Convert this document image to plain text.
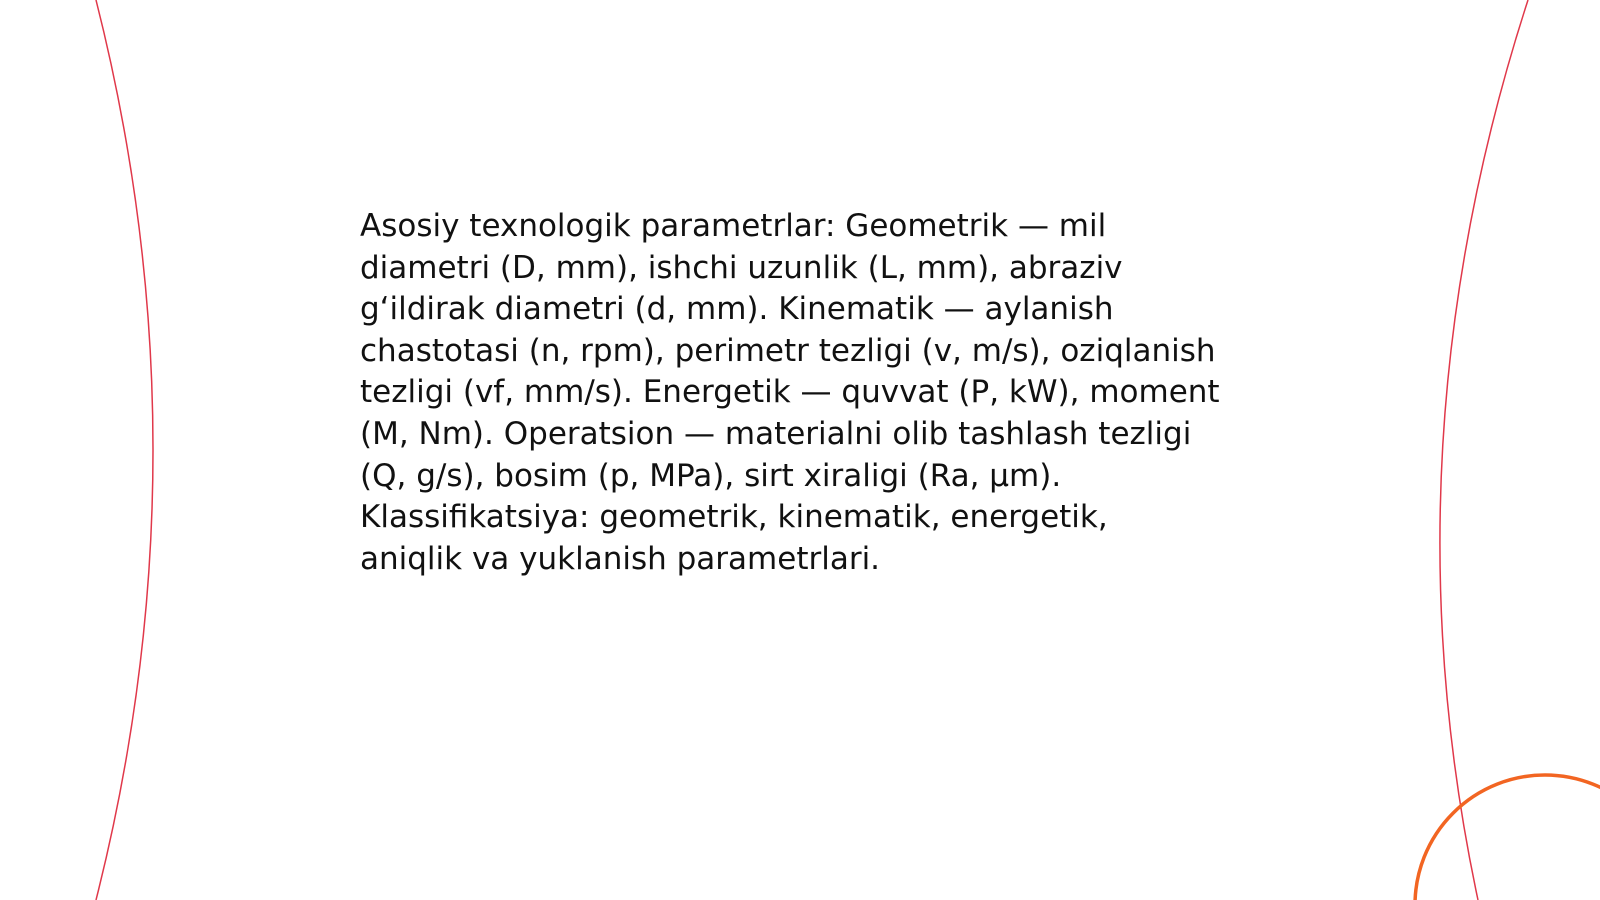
Asosiy texnologik parametrlar: Geometrik — mil
diametri (D, mm), ishchi uzunlik (L, mm), abraziv
g‘ildirak diametri (d, mm). Kinematik — aylanish
chastotasi (n, rpm), perimetr tezligi (v, m/s), oziqlanish
tezligi (vf, mm/s). Energetik — quvvat (P, kW), moment
(M, Nm). Operatsion — materialni olib tashlash tezligi
(Q, g/s), bosim (p, MPa), sirt xiraligi (Ra, µm).
Klassifikatsiya: geometrik, kinematik, energetik,
aniqlik va yuklanish parametrlari.
